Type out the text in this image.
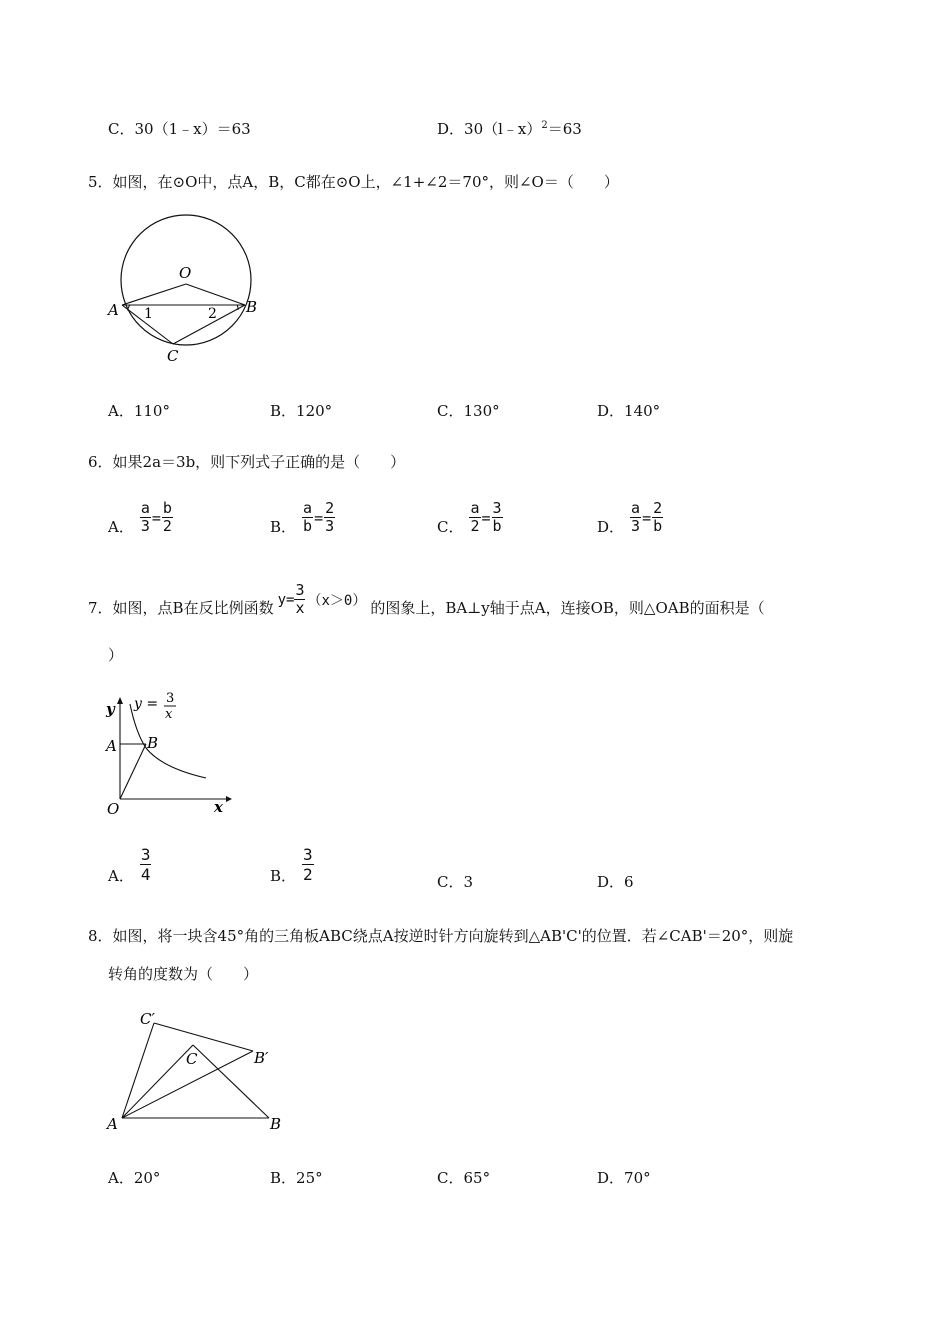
C．30（1﹣x）＝63	D．30（l﹣x）$^2$＝63
5．如图，在⊙O中，点A，B，C都在⊙O上，∠1+∠2＝70°，则∠O＝（　　）
O
A	B
C
1	2
A．110°	B．120°	C．130°	D．140°
6．如果2a＝3b，则下列式子正确的是（　　）
A． $\frac{a}{3} = \frac{b}{2}$	B． $\frac{a}{b} = \frac{2}{3}$	C． $\frac{a}{2} = \frac{3}{b}$	D． $\frac{a}{3} = \frac{2}{b}$
7．如图，点B在反比例函数 $y= \frac{3}{x} (x>0)$ 的图象上，BA⊥y轴于点A，连接OB，则△OAB的面积是（
）
y y = 3
x
A B
O	x
A． $\frac{3}{4}$	B． $\frac{3}{2}$	C．3	D．6
8．如图，将一块含45°角的三角板ABC绕点A按逆时针方向旋转到△AB'C'的位置．若∠CAB'＝20°，则旋
转角的度数为（　　）
C′
C	B′
A	B
A．20°	B．25°	C．65°	D．70°
